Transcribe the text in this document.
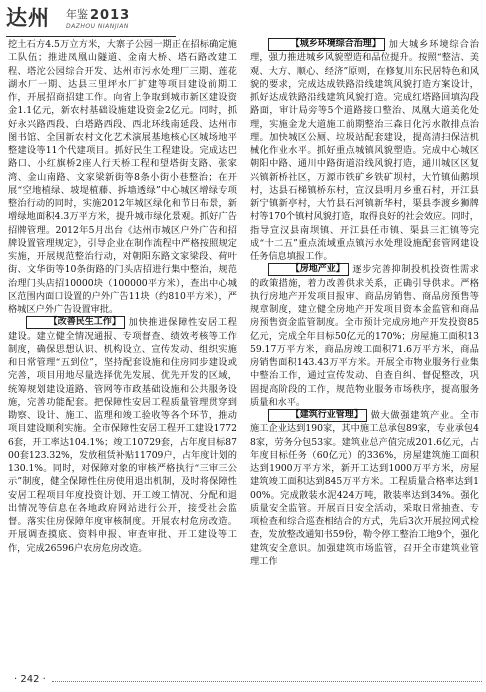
达州 年鉴 2013
DAZHOU NIANJIAN

挖土石方4.5万立方米，大寨子公园一期正在招标确定施工队伍；推进凤凰山隧道、金南大桥、塔石路改建工程、塔沱公园综合开发、达州市污水处理厂三期、莲花湖水厂一期、达县三里坪水厂扩建等项目建设前期工作，开展招商招建工作。向省上争取到城市新区建设资金1.1亿元，新农村基础设施建设资金2亿元。同时，抓好永兴路西段、白塔路西段、西北环线南延段、达州市图书馆、全国新农村文化艺术演展基地核心区城场地平整建设等11个代建项目。抓好民生工程建设。完成达巴路口、小红旗桥2座人行天桥工程和望塔街支路、张家湾、金山南路、文家梁新街等8条小街小巷整治；在开展“空地植绿、坡堤植藤、拆墙透绿”中心城区增绿专项整治行动的同时，实施2012年城区绿化和节日布景，新增绿地面积4.3万平方米，提升城市绿化景观。抓好广告招牌管理。2012年5月出台《达州市城区户外广告和招牌设置管理规定》，引导企业在制作流程中严格按照规定实施，开展规范整治行动，对朝阳东路文家梁段、荷叶街、文华街等10条街路的门头店招进行集中整治，规范治理门头店招10000块（100000平方米），查出中心城区范围内面口设置的户外广告11块（约810平方米），严格城区户外广告设置审批。

【改善民生工作】 加快推进保障性安居工程建设。建立健全情况通报、专项督查、绩效考核等工作制度，确保思想认识、机构设立、宣传发动、组织实施和日常管理“五到位”，坚持配套设施和住房同步建设或完善，项目用地尽量选择优先发展、优先开发的区域，统筹规划建设道路、管网等市政基础设施和公共服务设施，完善功能配套。把保障性安居工程质量管理贯穿到勘察、设计、施工、监理和竣工验收等各个环节，推动项目建设顺利实施。全市保障性安居工程开工建设17726套，开工率达104.1%；竣工10729套，占年度目标8700套123.32%，发放租赁补贴11709户，占年度计划的130.1%。同时，对保障对象的审核严格执行“三审三公示”制度，健全保障性住房使用退出机制，及时将保障性安居工程项目年度投资计划、开工竣工情况、分配和退出情况等信息在各地政府网站进行公开，接受社会监督。落实住房保障年度审核制度。开展农村危房改造。开展调查摸底、资料申报、审查审批、开工建设等工作，完成26596户农房危房改造。

【城乡环境综合治理】 加大城乡环境综合治理，强力推进城乡风貌塑造和品位提升。按照“整洁、美观、大方、顺心、经济”原则，在修复川东民居特色和风貌的要求，完成达成铁路沿线建筑风貌打造方案设计，抓好达成铁路沿线建筑风貌打造。完成红塔路回填沟段路面，审计局旁等5个道路接口整治、凤凰大道美化处理，实施金龙大道施工前期整治三森日化污水散排点治理。加快城区公厕、垃圾站配套建设，提高清扫保洁机械化作业水平。抓好重点城镇风貌塑造。完成中心城区朝阳中路、通川中路街道沿线风貌打造，通川城区区复兴镇新桥社区，万源市铁矿乡铁矿坝村，大竹镇仙鹅坝村，达县石梯镇桥东村，宣汉县明月乡重石村，开江县新宁镇新亭村，大竹县石河镇新华村，渠县李渡乡狮牌村等170个镇村风貌打造，取得良好的社会效应。同时，指导宣汉县南坝镇、开江县任市镇、渠县三汇镇等完成“十二五”重点流域重点镇污水处理设施配套管网建设任务信息填报工作。

【房地产业】 逐步完善抑制投机投资性需求的政策措施，着力改善供求关系，正确引导供求。严格执行房地产开发项目报审、商品房销售、商品房预售等规章制度，建立健全房地产开发项目资本金监管和商品房预售资金监管制度。全市预计完成房地产开发投资85亿元，完成全年目标50亿元的170%；房屋施工面积1359.17万平方米，商品房竣工面积71.6万平方米，商品房销售面积143.43万平方米。开展全市物业服务行业集中整治工作，通过宣传发动、自查自纠、督促整改，巩固提高阶段的工作，规范物业服务市场秩序，提高服务质量和水平。

【建筑行业管理】 做大做强建筑产业。全市施工企业达到190家，其中施工总承包89家，专业承包48家，劳务分包53家。建筑业总产值完成201.6亿元，占年度目标任务（60亿元）的336%，房屋建筑施工面积达到1900万平方米，新开工达到1000万平方米，房屋建筑竣工面积达到845万平方米。工程质量合格率达到100%。完成散装水泥424万吨，散装率达到34%。强化质量安全监管。开展百日安全活动，采取日常抽查、专项检查和综合巡查相结合的方式，先后3次开展拉网式检查，发放整改通知书59份，勒令停工整治工地9个，强化建筑安全意识。加强建筑市场监管，召开全市建筑业管理工作

· 242 ·
